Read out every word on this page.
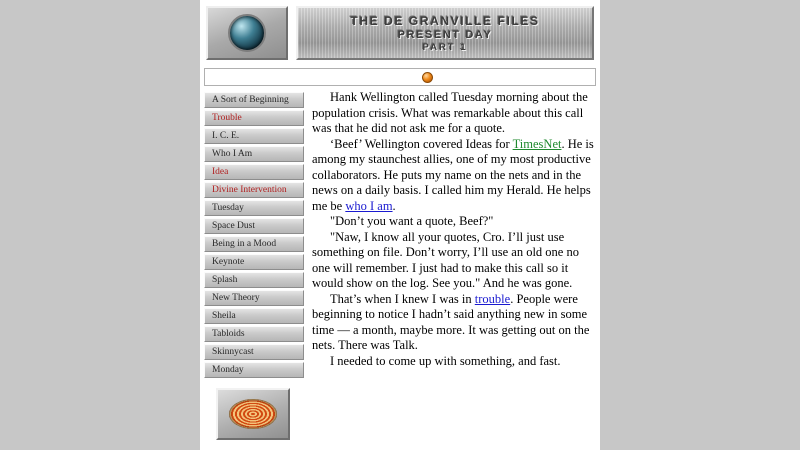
THE DE GRANVILLE FILES
PRESENT DAY
PART 1
A Sort of Beginning
Trouble
I. C. E.
Who I Am
Idea
Divine Intervention
Tuesday
Space Dust
Being in a Mood
Keynote
Splash
New Theory
Sheila
Tabloids
Skinnycast
Monday

Hank Wellington called Tuesday morning about the population crisis. What was remarkable about this call was that he did not ask me for a quote.

‘Beef’ Wellington covered Ideas for TimesNet. He is among my staunchest allies, one of my most productive collaborators. He puts my name on the nets and in the news on a daily basis. I called him my Herald. He helps me be who I am.

"Don’t you want a quote, Beef?"

"Naw, I know all your quotes, Cro. I’ll just use something on file. Don’t worry, I’ll use an old one no one will remember. I just had to make this call so it would show on the log. See you." And he was gone.

That’s when I knew I was in trouble. People were beginning to notice I hadn’t said anything new in some time — a month, maybe more. It was getting out on the nets. There was Talk.

I needed to come up with something, and fast.
